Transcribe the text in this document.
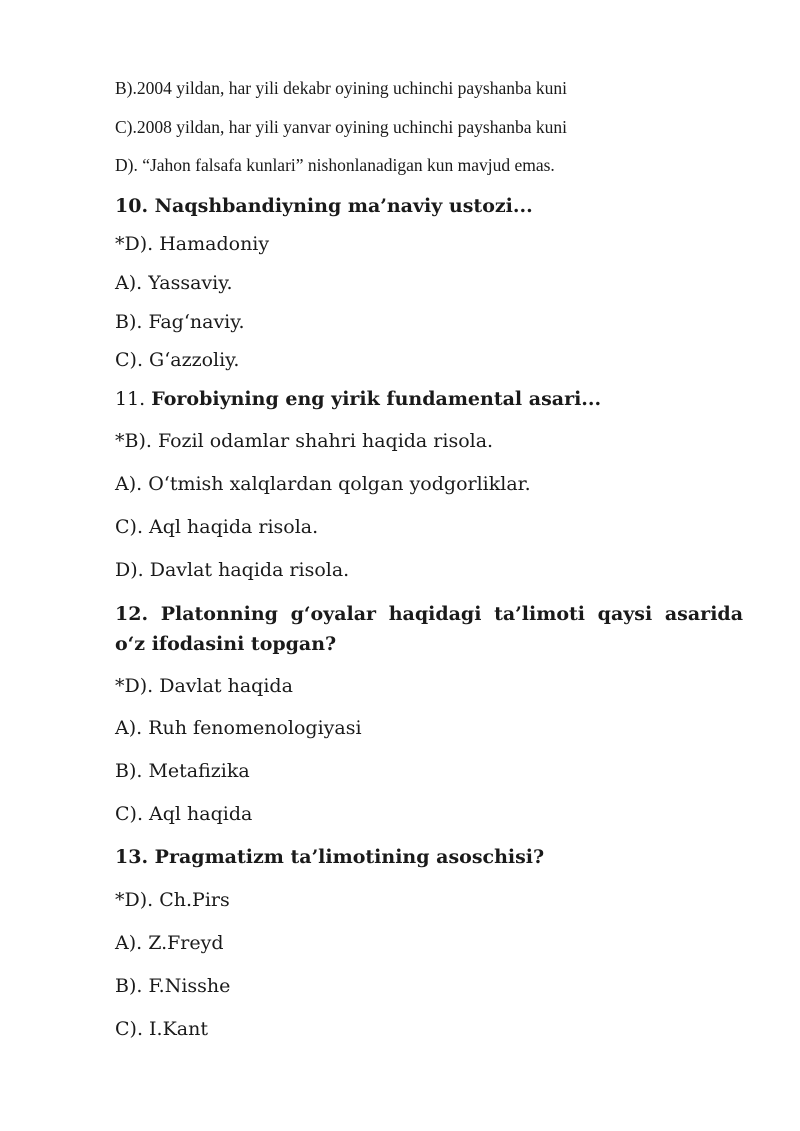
B).2004 yildan, har yili dekabr oyining uchinchi payshanba kuni
C).2008 yildan, har yili yanvar oyining uchinchi payshanba kuni
D). “Jahon falsafa kunlari” nishonlanadigan kun mavjud emas.
10. Naqshbandiyning ma’naviy ustozi...
*D). Hamadoniy
A). Yassaviy.
B). Fag‘naviy.
C). G‘azzoliy.
11. Forobiyning eng yirik fundamental asari...
*B). Fozil odamlar shahri haqida risola.
A). O‘tmish xalqlardan qolgan yodgorliklar.
C). Aql haqida risola.
D). Davlat haqida risola.
12. Platonning g‘oyalar haqidagi ta’limoti qaysi asarida o‘z ifodasini topgan?
*D). Davlat haqida
A). Ruh fenomenologiyasi
B). Metafizika
C). Aql haqida
13. Pragmatizm ta’limotining asoschisi?
*D). Ch.Pirs
A). Z.Freyd
B). F.Nisshe
C). I.Kant
